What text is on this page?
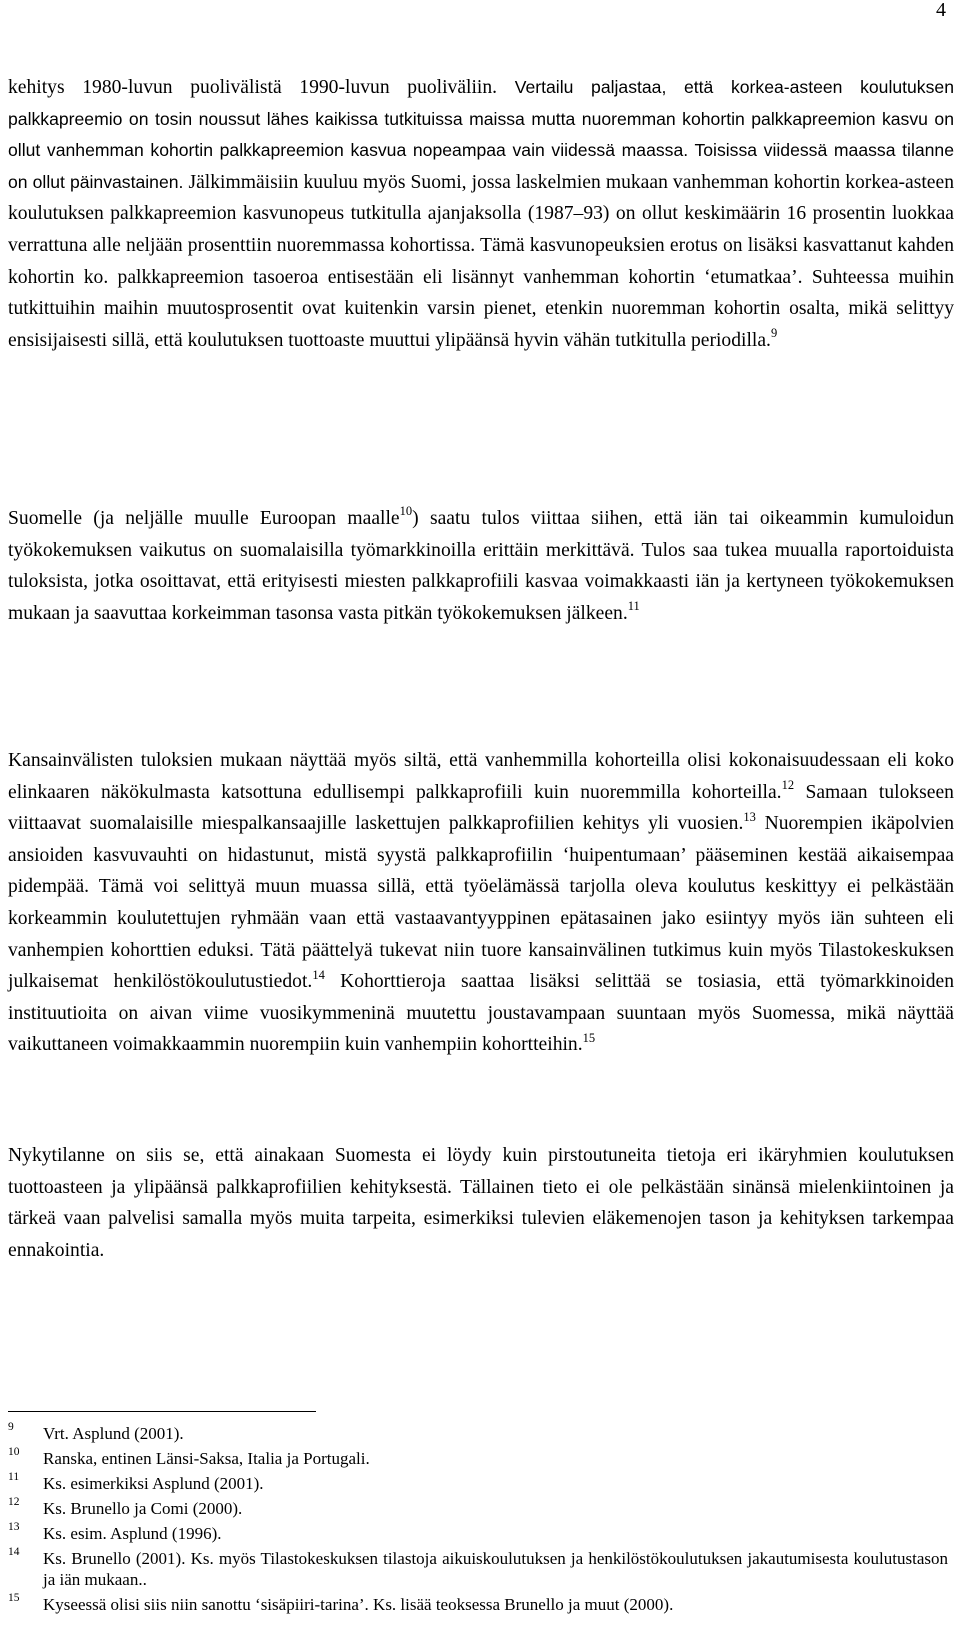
4
kehitys 1980-luvun puolivälistä 1990-luvun puoliväliin. Vertailu paljastaa, että korkea-asteen koulutuksen palkkapreemio on tosin noussut lähes kaikissa tutkituissa maissa mutta nuoremman kohortin palkkapreemion kasvu on ollut vanhemman kohortin palkkapreemion kasvua nopeampaa vain viidessä maassa. Toisissa viidessä maassa tilanne on ollut päinvastainen. Jälkimmäisiin kuuluu myös Suomi, jossa laskelmien mukaan vanhemman kohortin korkea-asteen koulutuksen palkkapreemion kasvunopeus tutkitulla ajanjaksolla (1987–93) on ollut keskimäärin 16 prosentin luokkaa verrattuna alle neljään prosenttiin nuoremmassa kohortissa. Tämä kasvunopeuksien erotus on lisäksi kasvattanut kahden kohortin ko. palkkapreemion tasoeroa entisestään eli lisännyt vanhemman kohortin ‘etumatkaa’. Suhteessa muihin tutkittuihin maihin muutosprosentit ovat kuitenkin varsin pienet, etenkin nuoremman kohortin osalta, mikä selittyy ensisijaisesti sillä, että koulutuksen tuottoaste muuttui ylipäänsä hyvin vähän tutkitulla periodilla.$^9$
Suomelle (ja neljälle muulle Euroopan maalle$^{10}$) saatu tulos viittaa siihen, että iän tai oikeammin kumuloidun työkokemuksen vaikutus on suomalaisilla työmarkkinoilla erittäin merkittävä. Tulos saa tukea muualla raportoiduista tuloksista, jotka osoittavat, että erityisesti miesten palkkaprofiili kasvaa voimakkaasti iän ja kertyneen työkokemuksen mukaan ja saavuttaa korkeimman tasonsa vasta pitkän työkokemuksen jälkeen.$^{11}$
Kansainvälisten tuloksien mukaan näyttää myös siltä, että vanhemmilla kohorteilla olisi kokonaisuudessaan eli koko elinkaaren näkökulmasta katsottuna edullisempi palkkaprofiili kuin nuoremmilla kohorteilla.$^{12}$ Samaan tulokseen viittaavat suomalaisille miespalkansaajille laskettujen palkkaprofiilien kehitys yli vuosien.$^{13}$ Nuorempien ikäpolvien ansioiden kasvuvauhti on hidastunut, mistä syystä palkkaprofiilin ‘huipentumaan’ pääseminen kestää aikaisempaa pidempää. Tämä voi selittyä muun muassa sillä, että työelämässä tarjolla oleva koulutus keskittyy ei pelkästään korkeammin koulutettujen ryhmään vaan että vastaavantyyppinen epätasainen jako esiintyy myös iän suhteen eli vanhempien kohorttien eduksi. Tätä päättelyä tukevat niin tuore kansainvälinen tutkimus kuin myös Tilastokeskuksen julkaisemat henkilöstökoulutustiedot.$^{14}$ Kohorttieroja saattaa lisäksi selittää se tosiasia, että työmarkkinoiden instituutioita on aivan viime vuosikymmeninä muutettu joustavampaan suuntaan myös Suomessa, mikä näyttää vaikuttaneen voimakkaammin nuorempiin kuin vanhempiin kohortteihin.$^{15}$
Nykytilanne on siis se, että ainakaan Suomesta ei löydy kuin pirstoutuneita tietoja eri ikäryhmien koulutuksen tuottoasteen ja ylipäänsä palkkaprofiilien kehityksestä. Tällainen tieto ei ole pelkästään sinänsä mielenkiintoinen ja tärkeä vaan palvelisi samalla myös muita tarpeita, esimerkiksi tulevien eläkemenojen tason ja kehityksen tarkempaa ennakointia.
9 Vrt. Asplund (2001).
10 Ranska, entinen Länsi-Saksa, Italia ja Portugali.
11 Ks. esimerkiksi Asplund (2001).
12 Ks. Brunello ja Comi (2000).
13 Ks. esim. Asplund (1996).
14 Ks. Brunello (2001). Ks. myös Tilastokeskuksen tilastoja aikuiskoulutuksen ja henkilöstökoulutuksen jakautumisesta koulutustason ja iän mukaan..
15 Kyseessä olisi siis niin sanottu ‘sisäpiiri-tarina’. Ks. lisää teoksessa Brunello ja muut (2000).
